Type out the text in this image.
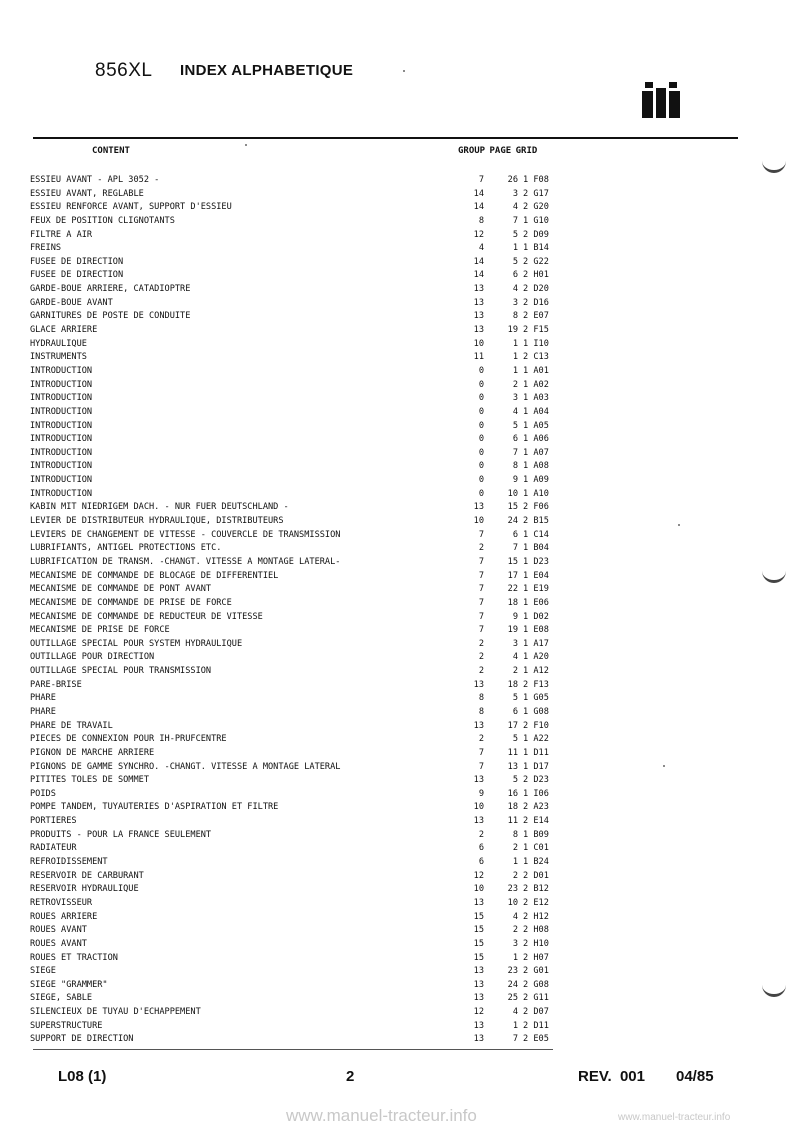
856XL INDEX ALPHABETIQUE
CONTENT	GROUP PAGE GRID
ESSIEU AVANT - APL 3052 -	7	26 1 F08
ESSIEU AVANT, REGLABLE	14	3 2 G17
ESSIEU RENFORCE AVANT, SUPPORT D'ESSIEU	14	4 2 G20
FEUX DE POSITION CLIGNOTANTS	8	7 1 G10
FILTRE A AIR	12	5 2 D09
FREINS	4	1 1 B14
FUSEE DE DIRECTION	14	5 2 G22
FUSEE DE DIRECTION	14	6 2 H01
GARDE-BOUE ARRIERE, CATADIOPTRE	13	4 2 D20
GARDE-BOUE AVANT	13	3 2 D16
GARNITURES DE POSTE DE CONDUITE	13	8 2 E07
GLACE ARRIERE	13	19 2 F15
HYDRAULIQUE	10	1 1 I10
INSTRUMENTS	11	1 2 C13
INTRODUCTION	0	1 1 A01
INTRODUCTION	0	2 1 A02
INTRODUCTION	0	3 1 A03
INTRODUCTION	0	4 1 A04
INTRODUCTION	0	5 1 A05
INTRODUCTION	0	6 1 A06
INTRODUCTION	0	7 1 A07
INTRODUCTION	0	8 1 A08
INTRODUCTION	0	9 1 A09
INTRODUCTION	0	10 1 A10
KABIN MIT NIEDRIGEM DACH. - NUR FUER DEUTSCHLAND -	13	15 2 F06
LEVIER DE DISTRIBUTEUR HYDRAULIQUE, DISTRIBUTEURS	10	24 2 B15
LEVIERS DE CHANGEMENT DE VITESSE - COUVERCLE DE TRANSMISSION	7	6 1 C14
LUBRIFIANTS, ANTIGEL PROTECTIONS ETC.	2	7 1 B04
LUBRIFICATION DE TRANSM. -CHANGT. VITESSE A MONTAGE LATERAL-	7	15 1 D23
MECANISME DE COMMANDE DE BLOCAGE DE DIFFERENTIEL	7	17 1 E04
MECANISME DE COMMANDE DE PONT AVANT	7	22 1 E19
MECANISME DE COMMANDE DE PRISE DE FORCE	7	18 1 E06
MECANISME DE COMMANDE DE REDUCTEUR DE VITESSE	7	9 1 D02
MECANISME DE PRISE DE FORCE	7	19 1 E08
OUTILLAGE SPECIAL POUR SYSTEM HYDRAULIQUE	2	3 1 A17
OUTILLAGE POUR DIRECTION	2	4 1 A20
OUTILLAGE SPECIAL POUR TRANSMISSION	2	2 1 A12
PARE-BRISE	13	18 2 F13
PHARE	8	5 1 G05
PHARE	8	6 1 G08
PHARE DE TRAVAIL	13	17 2 F10
PIECES DE CONNEXION POUR IH-PRUFCENTRE	2	5 1 A22
PIGNON DE MARCHE ARRIERE	7	11 1 D11
PIGNONS DE GAMME SYNCHRO. -CHANGT. VITESSE A MONTAGE LATERAL	7	13 1 D17
PITITES TOLES DE SOMMET	13	5 2 D23
POIDS	9	16 1 I06
POMPE TANDEM, TUYAUTERIES D'ASPIRATION ET FILTRE	10	18 2 A23
PORTIERES	13	11 2 E14
PRODUITS - POUR LA FRANCE SEULEMENT	2	8 1 B09
RADIATEUR	6	2 1 C01
REFROIDISSEMENT	6	1 1 B24
RESERVOIR DE CARBURANT	12	2 2 D01
RESERVOIR HYDRAULIQUE	10	23 2 B12
RETROVISSEUR	13	10 2 E12
ROUES ARRIERE	15	4 2 H12
ROUES AVANT	15	2 2 H08
ROUES AVANT	15	3 2 H10
ROUES ET TRACTION	15	1 2 H07
SIEGE	13	23 2 G01
SIEGE "GRAMMER"	13	24 2 G08
SIEGE, SABLE	13	25 2 G11
SILENCIEUX DE TUYAU D'ECHAPPEMENT	12	4 2 D07
SUPERSTRUCTURE	13	1 2 D11
SUPPORT DE DIRECTION	13	7 2 E05
L08 (1)	2	REV.  001 04/85
www.manuel-tracteur.info	www.manuel-tracteur.info
